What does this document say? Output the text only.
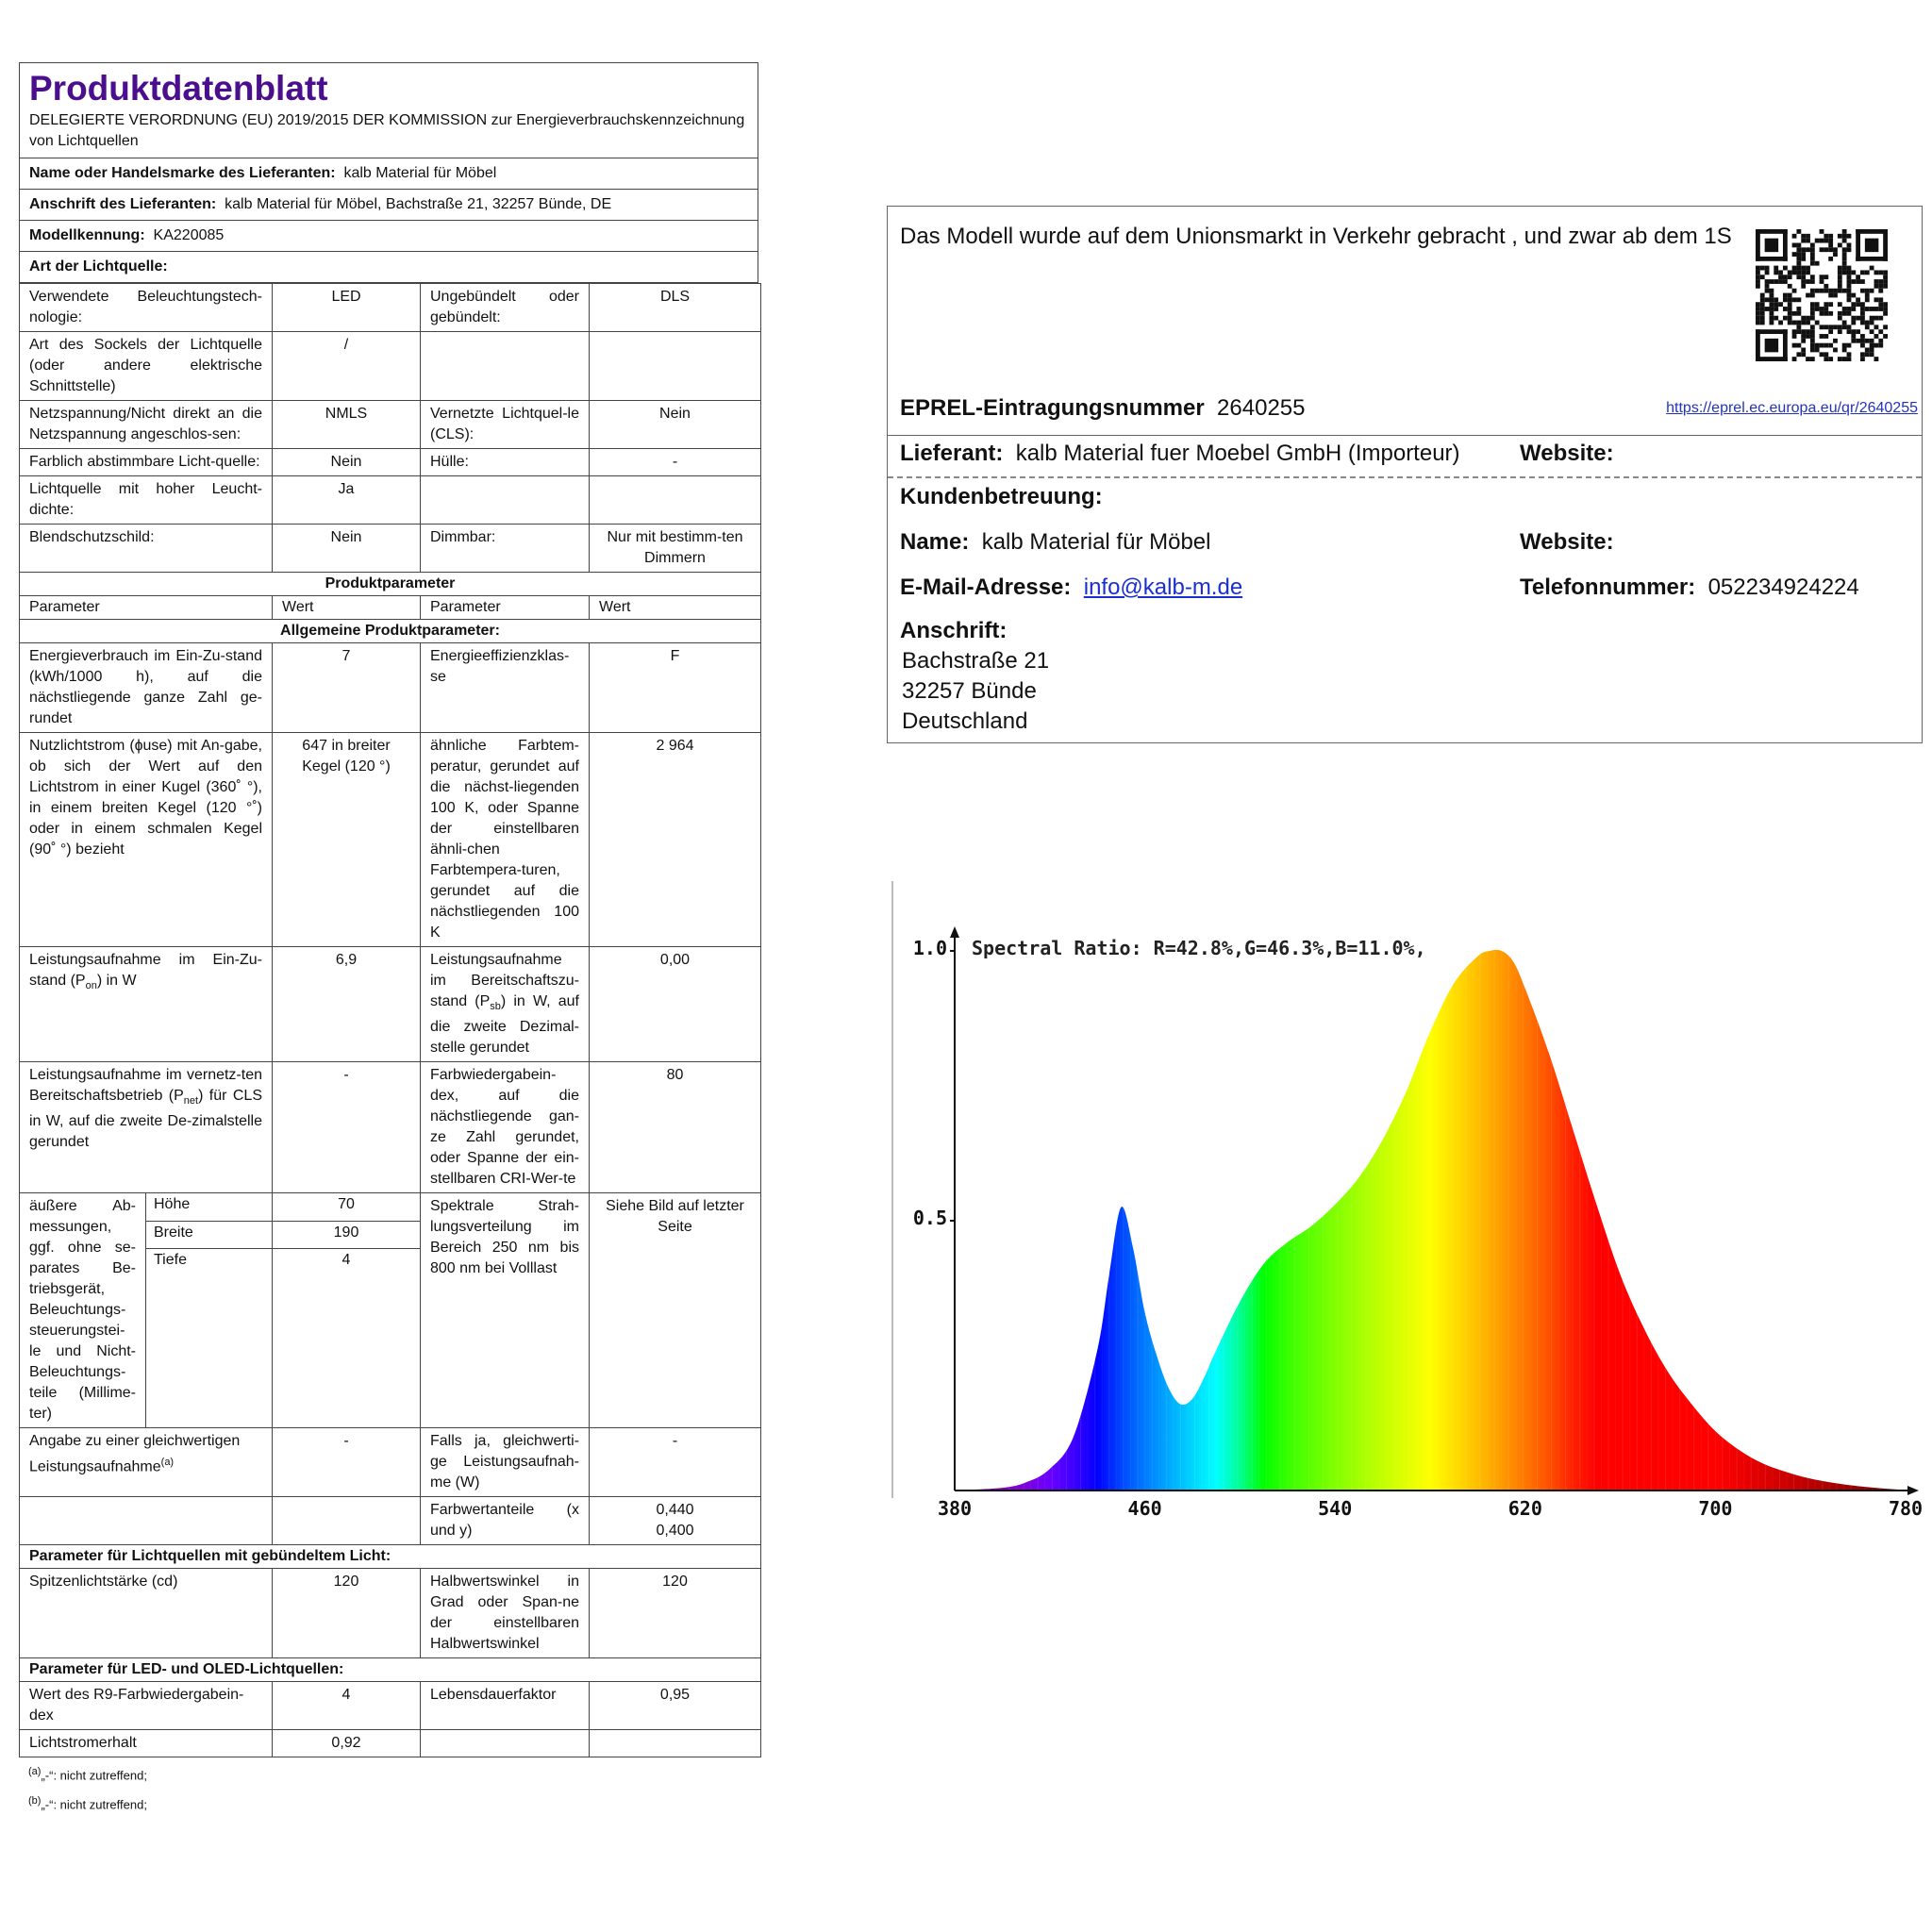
Produktdatenblatt
DELEGIERTE VERORDNUNG (EU) 2019/2015 DER KOMMISSION zur Energieverbrauchskennzeichnung von Lichtquellen
Name oder Handelsmarke des Lieferanten: kalb Material für Möbel
Anschrift des Lieferanten: kalb Material für Möbel, Bachstraße 21, 32257 Bünde, DE
Modellkennung: KA220085
Art der Lichtquelle:
Verwendete Beleuchtungstech-nologie:		LED	Ungebündelt oder gebündelt:	DLS
Art des Sockels der Lichtquelle (oder andere elektrische Schnittstelle)		/		
Netzspannung/Nicht direkt an die Netzspannung angeschlos-sen:		NMLS	Vernetzte Lichtquel-le (CLS):	Nein
Farblich abstimmbare Licht-quelle:		Nein	Hülle:	-
Lichtquelle mit hoher Leucht-dichte:		Ja		
Blendschutzschild:		Nein	Dimmbar:	Nur mit bestimm-ten Dimmern
Produktparameter				
Parameter		Wert	Parameter	Wert
Allgemeine Produktparameter:				
Energieverbrauch im Ein-Zu-stand (kWh/1000 h), auf die nächstliegende ganze Zahl ge-rundet		7	Energieeffizienzklas-se	F
Nutzlichtstrom (ɸuse) mit An-gabe, ob sich der Wert auf den Lichtstrom in einer Kugel (360˚ °), in einem breiten Kegel (120 °˚) oder in einem schmalen Kegel (90˚ °) bezieht		647 in breiter Kegel (120 °)	ähnliche Farbtem-peratur, gerundet auf die nächst-liegenden 100 K, oder Spanne der einstellbaren ähnli-chen Farbtempera-turen, gerundet auf die nächstliegenden 100 K	2 964
Leistungsaufnahme im Ein-Zu-stand $(P_{on})$ in W		6,9	Leistungsaufnahme im Bereitschaftszu-stand $(P_{sb})$ in W, auf die zweite Dezimal-stelle gerundet	0,00
Leistungsaufnahme im vernetz-ten Bereitschaftsbetrieb $(P_{net})$ für CLS in W, auf die zweite De-zimalstelle gerundet		-	Farbwiedergabein-dex, auf die nächstliegende gan-ze Zahl gerundet, oder Spanne der ein-stellbaren CRI-Wer-te	80
äußere Ab-messungen, ggf. ohne se-parates Be-triebsgerät, Beleuchtungs-steuerungstei-le und Nicht-Beleuchtungs-teile (Millime-ter)	Höhe	70	Spektrale Strah-lungsverteilung im Bereich 250 nm bis 800 nm bei Volllast	Siehe Bild auf letzter Seite
	Breite	190		
	Tiefe	4		
Angabe zu einer gleichwertigen Leistungsaufnahme$^{(a)}$		-	Falls ja, gleichwerti-ge Leistungsaufnah-me (W)	-
			Farbwertanteile (x und y)	0,440
0,400

Parameter für Lichtquellen mit gebündeltem Licht:				
Spitzenlichtstärke (cd)		120	Halbwertswinkel in Grad oder Span-ne der einstellbaren Halbwertswinkel	120
Parameter für LED- und OLED-Lichtquellen:				
Wert des R9-Farbwiedergabein-dex		4	Lebensdauerfaktor	0,95
Lichtstromerhalt		0,92		
$^{(a)}$„-“: nicht zutreffend;
$^{(b)}$„-“: nicht zutreffend;
Das Modell wurde auf dem Unionsmarkt in Verkehr gebracht , und zwar ab dem 1S
EPREL-Eintragungsnummer 2640255	https://eprel.ec.europa.eu/qr/2640255
Lieferant: kalb Material fuer Moebel GmbH (Importeur)	Website:
Kundenbetreuung:
Name: kalb Material für Möbel	Website:
E-Mail-Adresse: info@kalb-m.de	Telefonnummer: 052234924224
Anschrift:
Bachstraße 21
32257 Bünde
Deutschland
380	460	540	620	700	780
1.0
0.5
Spectral Ratio: R=42.8%,G=46.3%,B=11.0%,
